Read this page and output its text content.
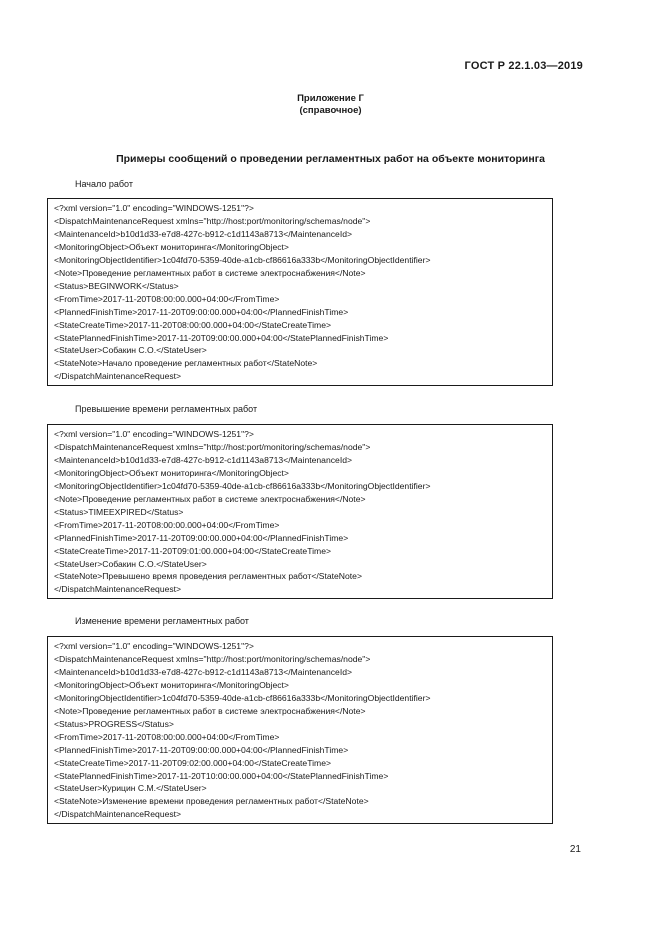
ГОСТ Р 22.1.03—2019
Приложение Г
(справочное)
Примеры сообщений о проведении регламентных работ на объекте мониторинга
Начало работ
<?xml version="1.0" encoding="WINDOWS-1251"?>
<DispatchMaintenanceRequest xmlns="http://host:port/monitoring/schemas/node">
<MaintenanceId>b10d1d33-e7d8-427c-b912-c1d1143a8713</MaintenanceId>
<MonitoringObject>Объект мониторинга</MonitoringObject>
<MonitoringObjectIdentifier>1c04fd70-5359-40de-a1cb-cf86616a333b</MonitoringObjectIdentifier>
<Note>Проведение регламентных работ в системе электроснабжения</Note>
<Status>BEGINWORK</Status>
<FromTime>2017-11-20T08:00:00.000+04:00</FromTime>
<PlannedFinishTime>2017-11-20T09:00:00.000+04:00</PlannedFinishTime>
<StateCreateTime>2017-11-20T08:00:00.000+04:00</StateCreateTime>
<StatePlannedFinishTime>2017-11-20T09:00:00.000+04:00</StatePlannedFinishTime>
<StateUser>Собакин С.О.</StateUser>
<StateNote>Начало проведение регламентных работ</StateNote>
</DispatchMaintenanceRequest>
Превышение времени регламентных работ
<?xml version="1.0" encoding="WINDOWS-1251"?>
<DispatchMaintenanceRequest xmlns="http://host:port/monitoring/schemas/node">
<MaintenanceId>b10d1d33-e7d8-427c-b912-c1d1143a8713</MaintenanceId>
<MonitoringObject>Объект мониторинга</MonitoringObject>
<MonitoringObjectIdentifier>1c04fd70-5359-40de-a1cb-cf86616a333b</MonitoringObjectIdentifier>
<Note>Проведение регламентных работ в системе электроснабжения</Note>
<Status>TIMEEXPIRED</Status>
<FromTime>2017-11-20T08:00:00.000+04:00</FromTime>
<PlannedFinishTime>2017-11-20T09:00:00.000+04:00</PlannedFinishTime>
<StateCreateTime>2017-11-20T09:01:00.000+04:00</StateCreateTime>
<StateUser>Собакин С.О.</StateUser>
<StateNote>Превышено время проведения регламентных работ</StateNote>
</DispatchMaintenanceRequest>
Изменение времени регламентных работ
<?xml version="1.0" encoding="WINDOWS-1251"?>
<DispatchMaintenanceRequest xmlns="http://host:port/monitoring/schemas/node">
<MaintenanceId>b10d1d33-e7d8-427c-b912-c1d1143a8713</MaintenanceId>
<MonitoringObject>Объект мониторинга</MonitoringObject>
<MonitoringObjectIdentifier>1c04fd70-5359-40de-a1cb-cf86616a333b</MonitoringObjectIdentifier>
<Note>Проведение регламентных работ в системе электроснабжения</Note>
<Status>PROGRESS</Status>
<FromTime>2017-11-20T08:00:00.000+04:00</FromTime>
<PlannedFinishTime>2017-11-20T09:00:00.000+04:00</PlannedFinishTime>
<StateCreateTime>2017-11-20T09:02:00.000+04:00</StateCreateTime>
<StatePlannedFinishTime>2017-11-20T10:00:00.000+04:00</StatePlannedFinishTime>
<StateUser>Курицин С.М.</StateUser>
<StateNote>Изменение времени проведения регламентных работ</StateNote>
</DispatchMaintenanceRequest>
21
